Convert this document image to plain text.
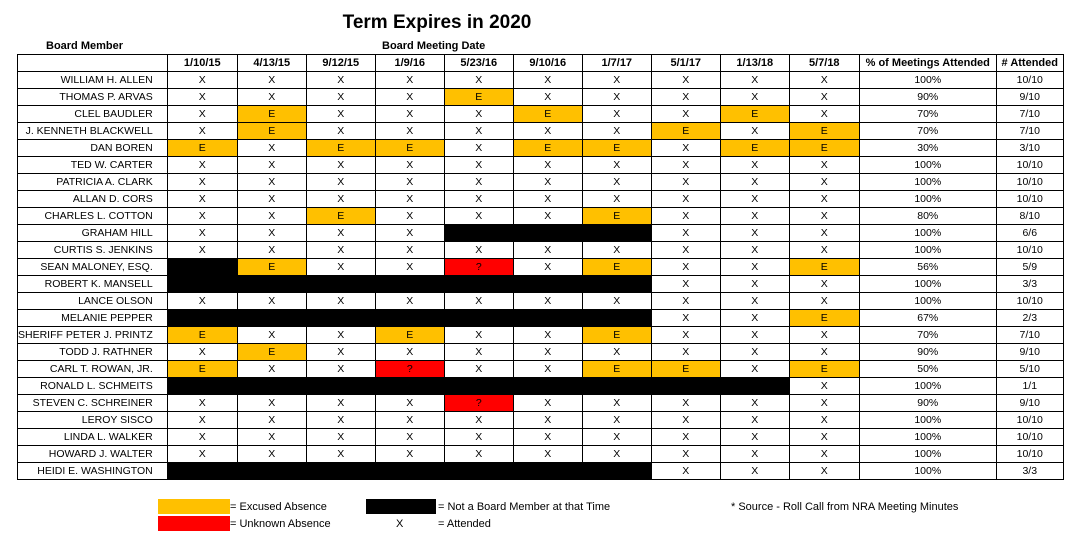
Term Expires in 2020
Board Member	Board Meeting Date
	1/10/15	4/13/15	9/12/15	1/9/16	5/23/16	9/10/16	1/7/17	5/1/17	1/13/18	5/7/18	% of Meetings Attended	# Attended
WILLIAM H. ALLEN	X	X	X	X	X	X	X	X	X	X	100%	10/10
THOMAS P. ARVAS	X	X	X	X	E	X	X	X	X	X	90%	9/10
CLEL BAUDLER	X	E	X	X	X	E	X	X	E	X	70%	7/10
J. KENNETH BLACKWELL	X	E	X	X	X	X	X	E	X	E	70%	7/10
DAN BOREN	E	X	E	E	X	E	E	X	E	E	30%	3/10
TED W. CARTER	X	X	X	X	X	X	X	X	X	X	100%	10/10
PATRICIA A. CLARK	X	X	X	X	X	X	X	X	X	X	100%	10/10
ALLAN D. CORS	X	X	X	X	X	X	X	X	X	X	100%	10/10
CHARLES L. COTTON	X	X	E	X	X	X	E	X	X	X	80%	8/10
GRAHAM HILL	X	X	X	X				X	X	X	100%	6/6
CURTIS S. JENKINS	X	X	X	X	X	X	X	X	X	X	100%	10/10
SEAN MALONEY, ESQ.		E	X	X	?	X	E	X	X	E	56%	5/9
ROBERT K. MANSELL								X	X	X	100%	3/3
LANCE OLSON	X	X	X	X	X	X	X	X	X	X	100%	10/10
MELANIE PEPPER								X	X	E	67%	2/3
SHERIFF PETER J. PRINTZ	E	X	X	E	X	X	E	X	X	X	70%	7/10
TODD J. RATHNER	X	E	X	X	X	X	X	X	X	X	90%	9/10
CARL T. ROWAN, JR.	E	X	X	?	X	X	E	E	X	E	50%	5/10
RONALD L. SCHMEITS										X	100%	1/1
STEVEN C. SCHREINER	X	X	X	X	?	X	X	X	X	X	90%	9/10
LEROY SISCO	X	X	X	X	X	X	X	X	X	X	100%	10/10
LINDA L. WALKER	X	X	X	X	X	X	X	X	X	X	100%	10/10
HOWARD J. WALTER	X	X	X	X	X	X	X	X	X	X	100%	10/10
HEIDI E. WASHINGTON								X	X	X	100%	3/3
= Excused Absence
= Unknown Absence
= Not a Board Member at that Time
X	= Attended
* Source - Roll Call from NRA Meeting Minutes
